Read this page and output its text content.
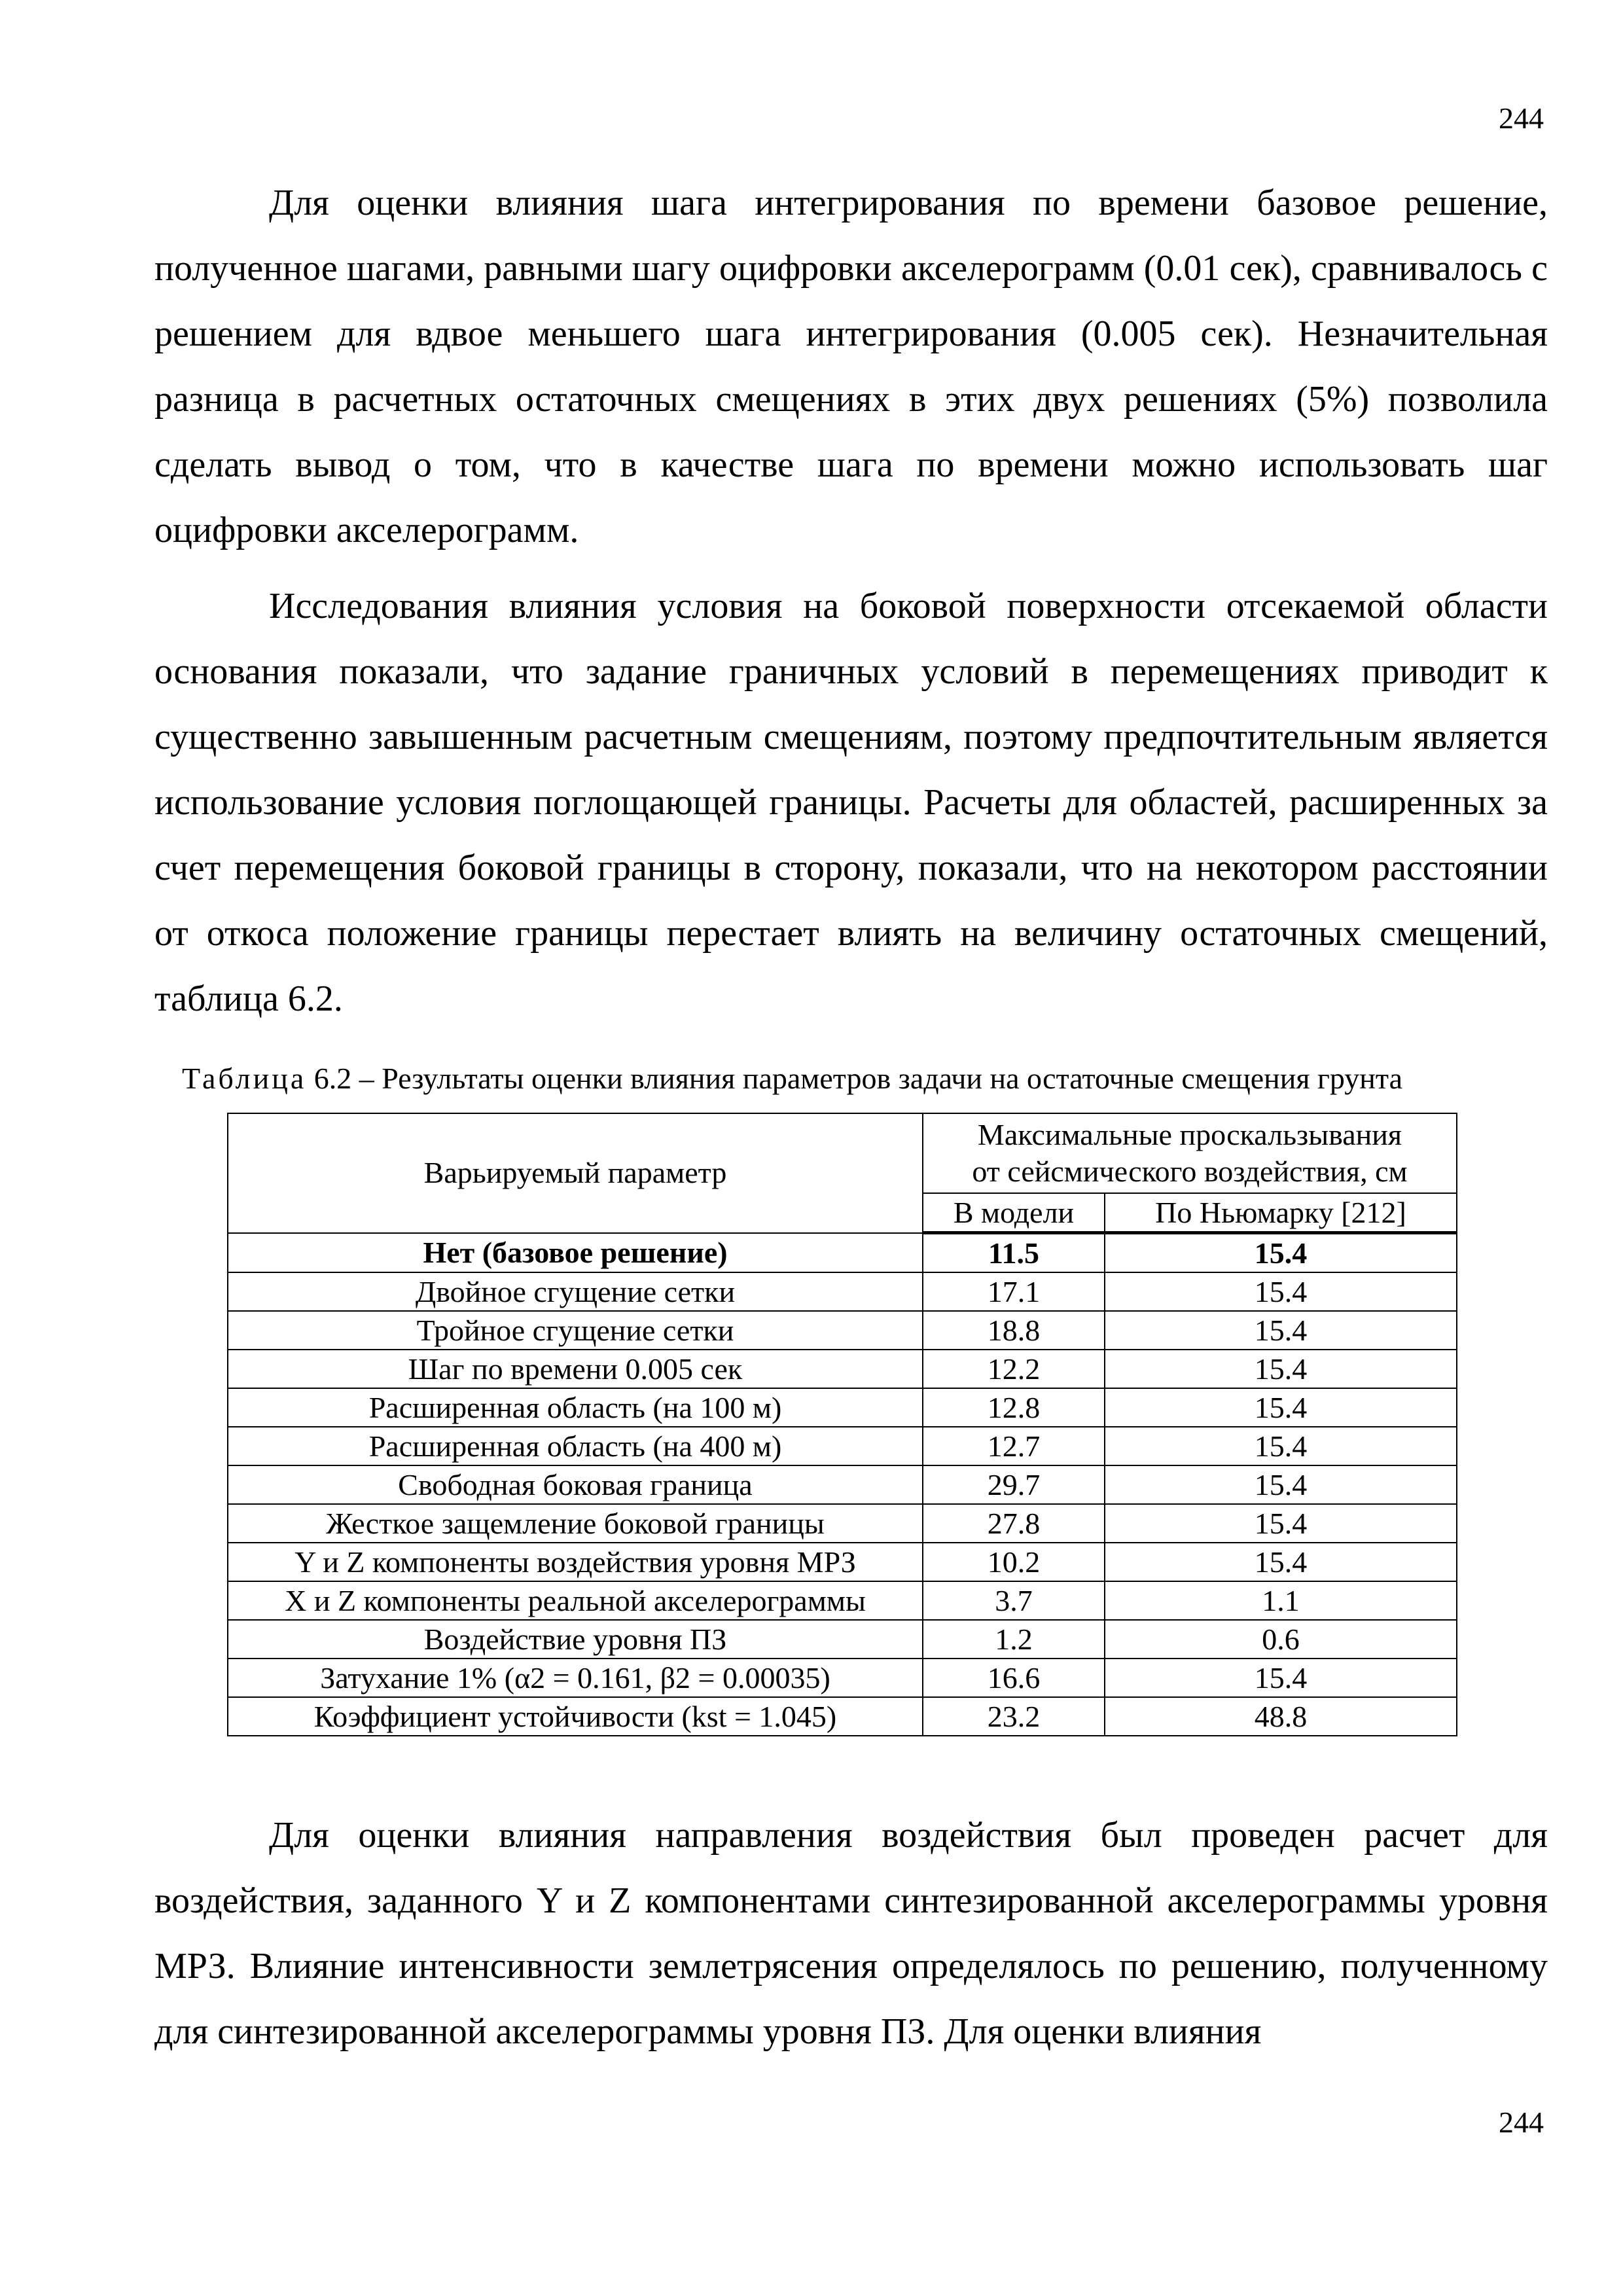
244

Для оценки влияния шага интегрирования по времени базовое решение, полученное шагами, равными шагу оцифровки акселерограмм (0.01 сек), сравнивалось с решением для вдвое меньшего шага интегрирования (0.005 сек). Незначительная разница в расчетных остаточных смещениях в этих двух решениях (5%) позволила сделать вывод о том, что в качестве шага по времени можно использовать шаг оцифровки акселерограмм.

Исследования влияния условия на боковой поверхности отсекаемой области основания показали, что задание граничных условий в перемещениях приводит к существенно завышенным расчетным смещениям, поэтому предпочтительным является использование условия поглощающей границы. Расчеты для областей, расширенных за счет перемещения боковой границы в сторону, показали, что на некотором расстоянии от откоса положение границы перестает влиять на величину остаточных смещений, таблица 6.2.

Таблица 6.2 – Результаты оценки влияния параметров задачи на остаточные смещения грунта
Варьируемый параметр	Максимальные проскальзывания
от сейсмического воздействия, см	
	В модели	По Ньюмарку [212]
Нет (базовое решение)	11.5	15.4
Двойное сгущение сетки	17.1	15.4
Тройное сгущение сетки	18.8	15.4
Шаг по времени 0.005 сек	12.2	15.4
Расширенная область (на 100 м)	12.8	15.4
Расширенная область (на 400 м)	12.7	15.4
Свободная боковая граница	29.7	15.4
Жесткое защемление боковой границы	27.8	15.4
Y и Z компоненты воздействия уровня МРЗ	10.2	15.4
X и Z компоненты реальной акселерограммы	3.7	1.1
Воздействие уровня ПЗ	1.2	0.6
Затухание 1% (α2 = 0.161, β2 = 0.00035)	16.6	15.4
Коэффициент устойчивости (kst = 1.045)	23.2	48.8

Для оценки влияния направления воздействия был проведен расчет для воздействия, заданного Y и Z компонентами синтезированной акселерограммы уровня МРЗ. Влияние интенсивности землетрясения определялось по решению, полученному для синтезированной акселерограммы уровня ПЗ. Для оценки влияния

244
